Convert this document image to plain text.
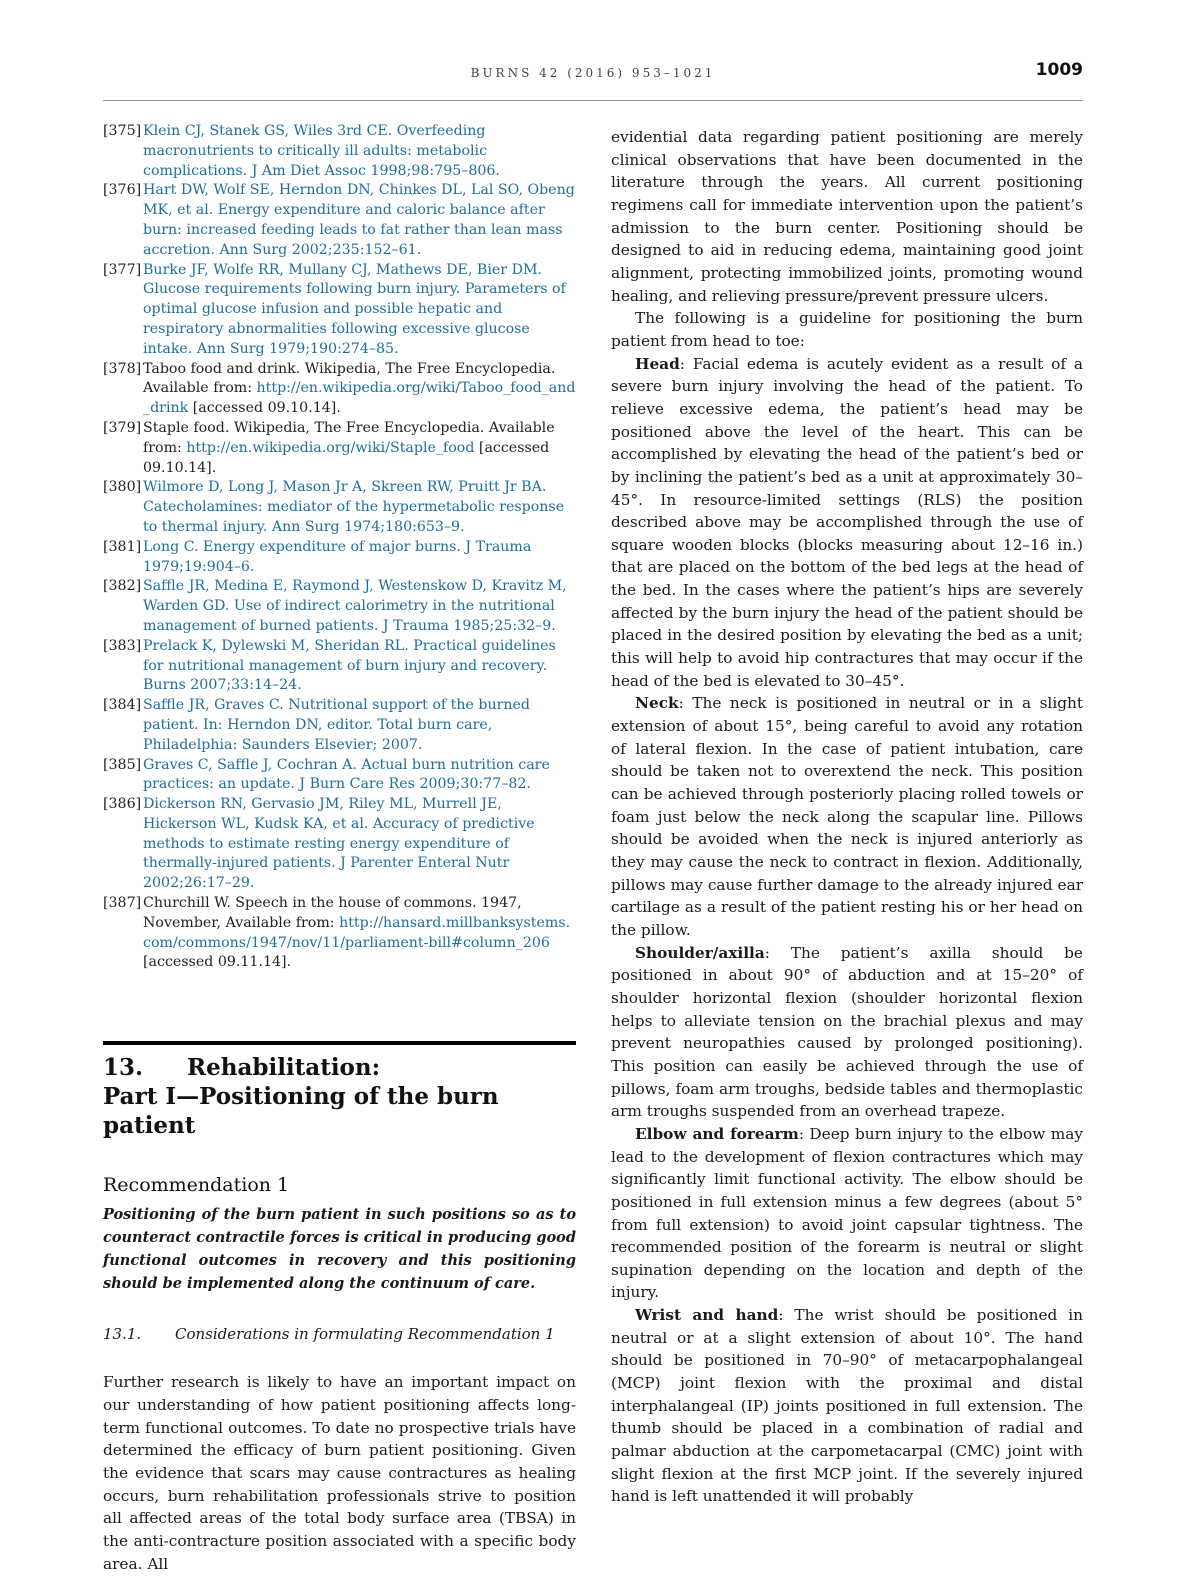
BURNS 42 (2016) 953–1021	1009
[375] Klein CJ, Stanek GS, Wiles 3rd CE. Overfeeding macronutrients to critically ill adults: metabolic complications. J Am Diet Assoc 1998;98:795–806.
[376] Hart DW, Wolf SE, Herndon DN, Chinkes DL, Lal SO, Obeng MK, et al. Energy expenditure and caloric balance after burn: increased feeding leads to fat rather than lean mass accretion. Ann Surg 2002;235:152–61.
[377] Burke JF, Wolfe RR, Mullany CJ, Mathews DE, Bier DM. Glucose requirements following burn injury. Parameters of optimal glucose infusion and possible hepatic and respiratory abnormalities following excessive glucose intake. Ann Surg 1979;190:274–85.
[378] Taboo food and drink. Wikipedia, The Free Encyclopedia. Available from: http://en.wikipedia.org/wiki/Taboo_food_and_drink [accessed 09.10.14].
[379] Staple food. Wikipedia, The Free Encyclopedia. Available from: http://en.wikipedia.org/wiki/Staple_food [accessed 09.10.14].
[380] Wilmore D, Long J, Mason Jr A, Skreen RW, Pruitt Jr BA. Catecholamines: mediator of the hypermetabolic response to thermal injury. Ann Surg 1974;180:653–9.
[381] Long C. Energy expenditure of major burns. J Trauma 1979;19:904–6.
[382] Saffle JR, Medina E, Raymond J, Westenskow D, Kravitz M, Warden GD. Use of indirect calorimetry in the nutritional management of burned patients. J Trauma 1985;25:32–9.
[383] Prelack K, Dylewski M, Sheridan RL. Practical guidelines for nutritional management of burn injury and recovery. Burns 2007;33:14–24.
[384] Saffle JR, Graves C. Nutritional support of the burned patient. In: Herndon DN, editor. Total burn care, Philadelphia: Saunders Elsevier; 2007.
[385] Graves C, Saffle J, Cochran A. Actual burn nutrition care practices: an update. J Burn Care Res 2009;30:77–82.
[386] Dickerson RN, Gervasio JM, Riley ML, Murrell JE, Hickerson WL, Kudsk KA, et al. Accuracy of predictive methods to estimate resting energy expenditure of thermally-injured patients. J Parenter Enteral Nutr 2002;26:17–29.
[387] Churchill W. Speech in the house of commons. 1947, November, Available from: http://hansard.millbanksystems.com/commons/1947/nov/11/parliament-bill#column_206 [accessed 09.11.14].
13. Rehabilitation:
Part I—Positioning of the burn patient
Recommendation 1
Positioning of the burn patient in such positions so as to counteract contractile forces is critical in producing good functional outcomes in recovery and this positioning should be implemented along the continuum of care.
13.1. Considerations in formulating Recommendation 1

Further research is likely to have an important impact on our understanding of how patient positioning affects long-term functional outcomes. To date no prospective trials have determined the efficacy of burn patient positioning. Given the evidence that scars may cause contractures as healing occurs, burn rehabilitation professionals strive to position all affected areas of the total body surface area (TBSA) in the anti-contracture position associated with a specific body area. All

evidential data regarding patient positioning are merely clinical observations that have been documented in the literature through the years. All current positioning regimens call for immediate intervention upon the patient’s admission to the burn center. Positioning should be designed to aid in reducing edema, maintaining good joint alignment, protecting immobilized joints, promoting wound healing, and relieving pressure/prevent pressure ulcers.

The following is a guideline for positioning the burn patient from head to toe:

Head: Facial edema is acutely evident as a result of a severe burn injury involving the head of the patient. To relieve excessive edema, the patient’s head may be positioned above the level of the heart. This can be accomplished by elevating the head of the patient’s bed or by inclining the patient’s bed as a unit at approximately 30–45°. In resource-limited settings (RLS) the position described above may be accomplished through the use of square wooden blocks (blocks measuring about 12–16 in.) that are placed on the bottom of the bed legs at the head of the bed. In the cases where the patient’s hips are severely affected by the burn injury the head of the patient should be placed in the desired position by elevating the bed as a unit; this will help to avoid hip contractures that may occur if the head of the bed is elevated to 30–45°.

Neck: The neck is positioned in neutral or in a slight extension of about 15°, being careful to avoid any rotation of lateral flexion. In the case of patient intubation, care should be taken not to overextend the neck. This position can be achieved through posteriorly placing rolled towels or foam just below the neck along the scapular line. Pillows should be avoided when the neck is injured anteriorly as they may cause the neck to contract in flexion. Additionally, pillows may cause further damage to the already injured ear cartilage as a result of the patient resting his or her head on the pillow.

Shoulder/axilla: The patient’s axilla should be positioned in about 90° of abduction and at 15–20° of shoulder horizontal flexion (shoulder horizontal flexion helps to alleviate tension on the brachial plexus and may prevent neuropathies caused by prolonged positioning). This position can easily be achieved through the use of pillows, foam arm troughs, bedside tables and thermoplastic arm troughs suspended from an overhead trapeze.

Elbow and forearm: Deep burn injury to the elbow may lead to the development of flexion contractures which may significantly limit functional activity. The elbow should be positioned in full extension minus a few degrees (about 5° from full extension) to avoid joint capsular tightness. The recommended position of the forearm is neutral or slight supination depending on the location and depth of the injury.

Wrist and hand: The wrist should be positioned in neutral or at a slight extension of about 10°. The hand should be positioned in 70–90° of metacarpophalangeal (MCP) joint flexion with the proximal and distal interphalangeal (IP) joints positioned in full extension. The thumb should be placed in a combination of radial and palmar abduction at the carpometacarpal (CMC) joint with slight flexion at the first MCP joint. If the severely injured hand is left unattended it will probably
